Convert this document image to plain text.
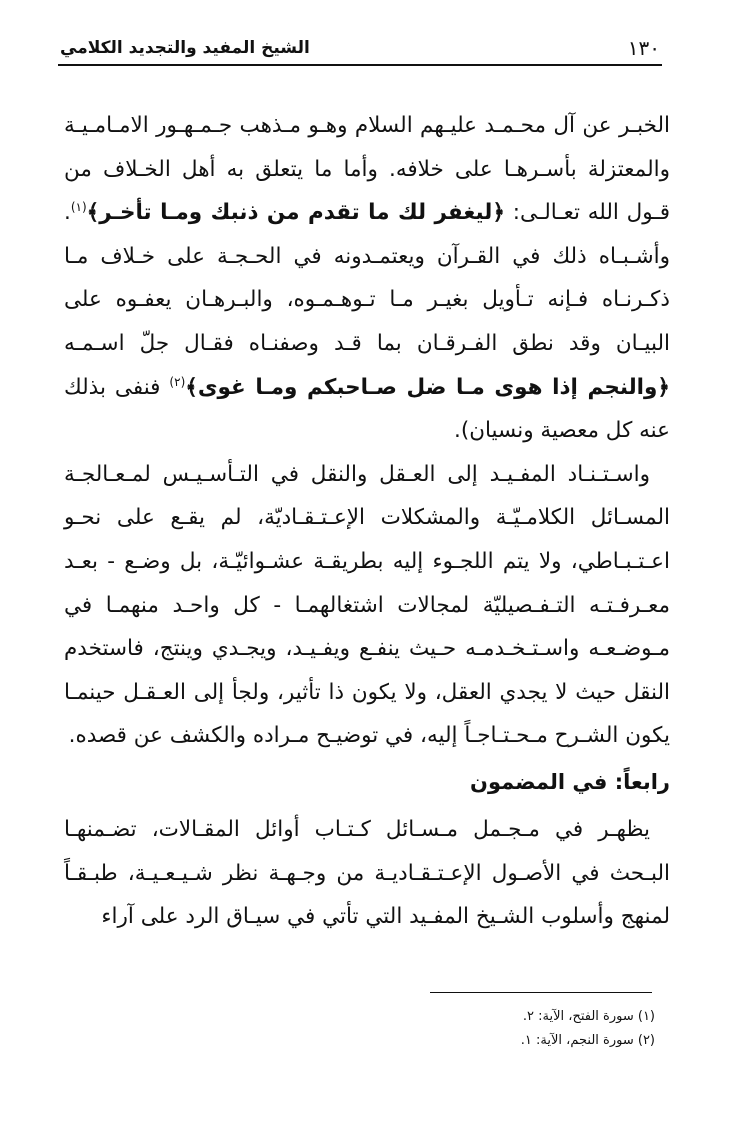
١٣٠
الشيخ المفيد والتجديد الكلامي

الخبـر عن آل محـمـد عليـهم السلام وهـو مـذهب جـمـهـور الامـامـيـة والمعتزلة بأسـرهـا على خلافه. وأما ما يتعلق به أهل الخـلاف من قـول الله تعـالـى: ﴿ليغفر لك ما تقدم من ذنبك ومـا تأخـر﴾$^{(١)}$. وأشـبـاه ذلك في القـرآن ويعتمـدونه في الحـجـة على خـلاف مـا ذكـرنـاه فـإنه تـأويل بغيـر مـا تـوهـمـوه، والبـرهـان يعفـوه على البيـان وقد نطق الفـرقـان بما قـد وصفنـاه فقـال جلّ اسـمـه ﴿والنجم إذا هوى مـا ضل صـاحبكم ومـا غوى﴾$^{(٢)}$ فنفى بذلك عنه كل معصية ونسيان).

واسـتـنـاد المفـيـد إلى العـقل والنقل في التـأسـيـس لمـعـالجـة المسـائل الكلامـيّـة والمشكلات الإعـتـقـاديّة، لم يقـع على نحـو اعـتـبـاطي، ولا يتم اللجـوء إليه بطريقـة عشـوائيّـة، بل وضـع - بعـد معـرفـتـه التـفـصيليّة لمجالات اشتغالهمـا - كل واحـد منهمـا في مـوضـعـه واسـتـخـدمـه حـيث ينفـع ويفـيـد، ويجـدي وينتج، فاستخدم النقل حيث لا يجدي العقل، ولا يكون ذا تأثير، ولجأ إلى العـقـل حينمـا يكون الشـرح مـحـتـاجـاً إليه، في توضيـح مـراده والكشف عن قصده.

رابعاً: في المضمون

يظهـر في مـجـمل مـسـائل كـتـاب أوائل المقـالات، تضـمنهـا البـحث في الأصـول الإعـتـقـاديـة من وجـهـة نظر شـيـعـيـة، طبـقـاً لمنهج وأسلوب الشـيخ المفـيد التي تأتي في سيـاق الرد على آراء

(١) سورة الفتح، الآية: ٢.
(٢) سورة النجم، الآية: ١.
